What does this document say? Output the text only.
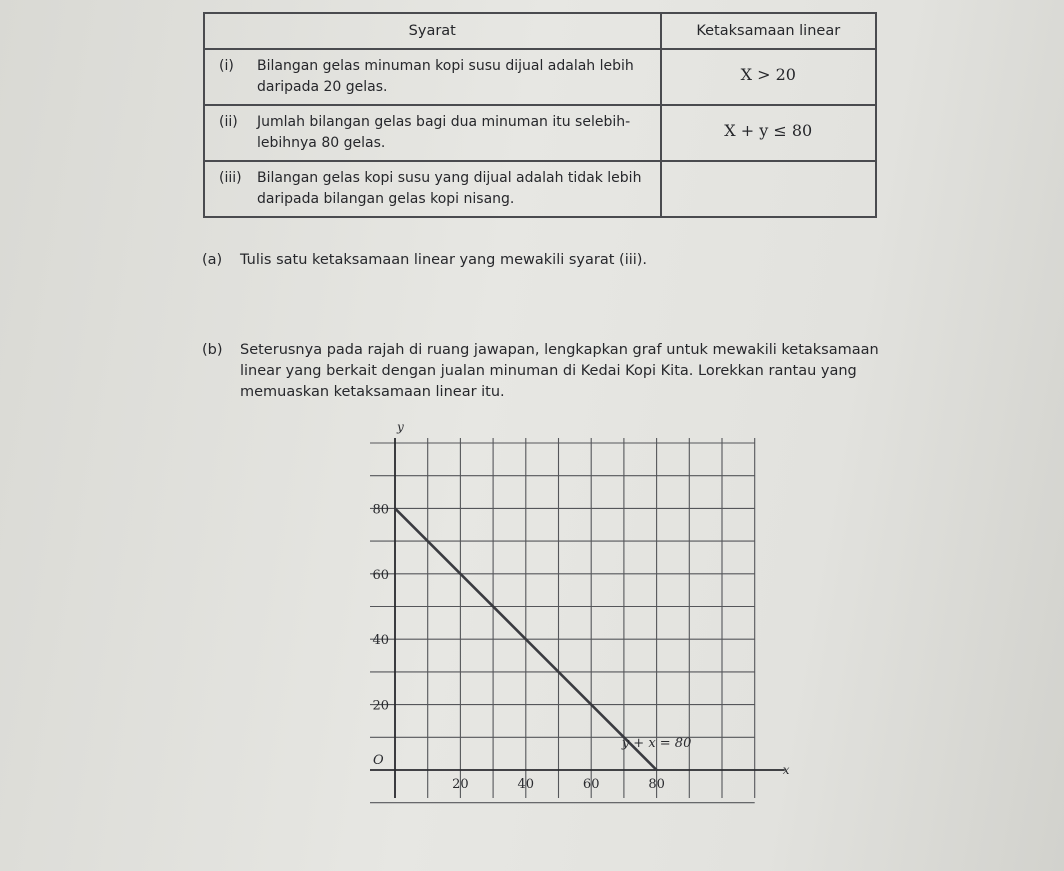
Syarat	Ketaksamaan linear

(i) Bilangan gelas minuman kopi susu dijual adalah lebih daripada 20 gelas.	X > 20

(ii) Jumlah bilangan gelas bagi dua minuman itu selebih-lebihnya 80 gelas.	X + y ≤ 80

(iii) Bilangan gelas kopi susu yang dijual adalah tidak lebih daripada bilangan gelas kopi nisang.	

(a)	Tulis satu ketaksamaan linear yang mewakili syarat (iii).
(b)	Seterusnya pada rajah di ruang jawapan, lengkapkan graf untuk mewakili ketaksamaan linear yang berkait dengan jualan minuman di Kedai Kopi Kita. Lorekkan rantau yang memuaskan ketaksamaan linear itu.
y
x
O
20	40	60	80
20
40
60
80
y + x = 80
